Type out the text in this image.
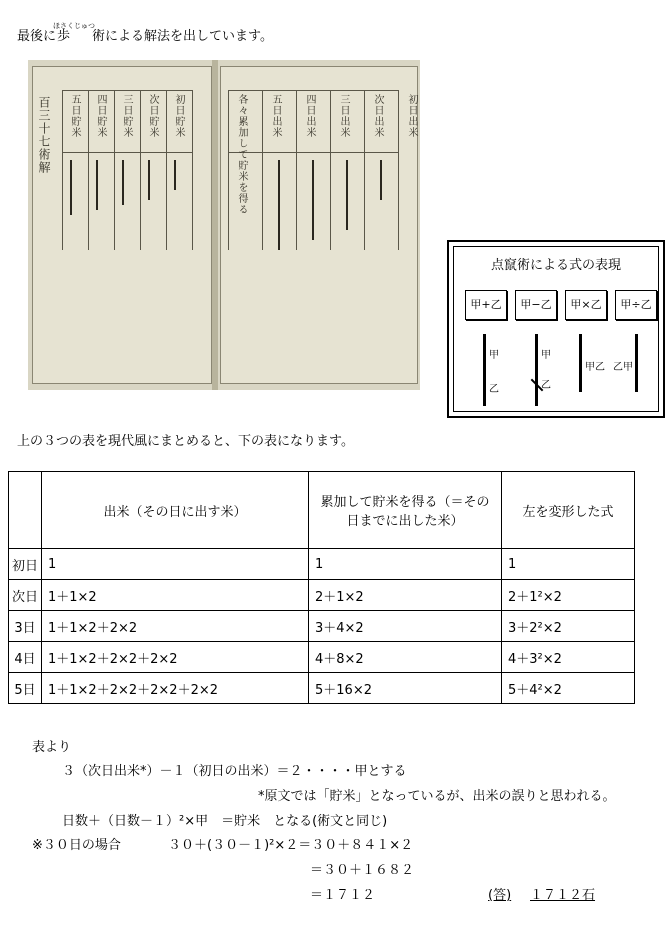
最後に歩　ほさくじゅつ術による解法を出しています。
初日貯米
次日貯米
三日貯米
四日貯米
五日貯米
百三十七術解	初日出米
次日出米
三日出米
四日出米
五日出米
各々累加して貯米を得る
点竄術による式の表現
甲+乙	甲−乙	甲×乙	甲÷乙
甲
乙
甲
乙
甲乙 乙甲
上の３つの表を現代風にまとめると、下の表になります。
	出米（その日に出す米）	累加して貯米を得る（＝その日までに出した米）	左を変形した式
初日	1	1	1
次日	1＋1×2	2＋1×2	2＋1²×2
3日	1＋1×2＋2×2	3＋4×2	3＋2²×2
4日	1＋1×2＋2×2＋2×2	4＋8×2	4＋3²×2
5日	1＋1×2＋2×2＋2×2＋2×2	5＋16×2	5＋4²×2
表より
３（次日出米*）－１（初日の出米）＝２・・・・甲とする
*原文では「貯米」となっているが、出米の誤りと思われる。
日数＋（日数－１）²×甲　＝貯米　となる(術文と同じ)
※３０日の場合	３０＋(３０－１)²×２＝３０＋８４１×２
＝３０＋１６８２
＝１７１２	(答) １７１２石
